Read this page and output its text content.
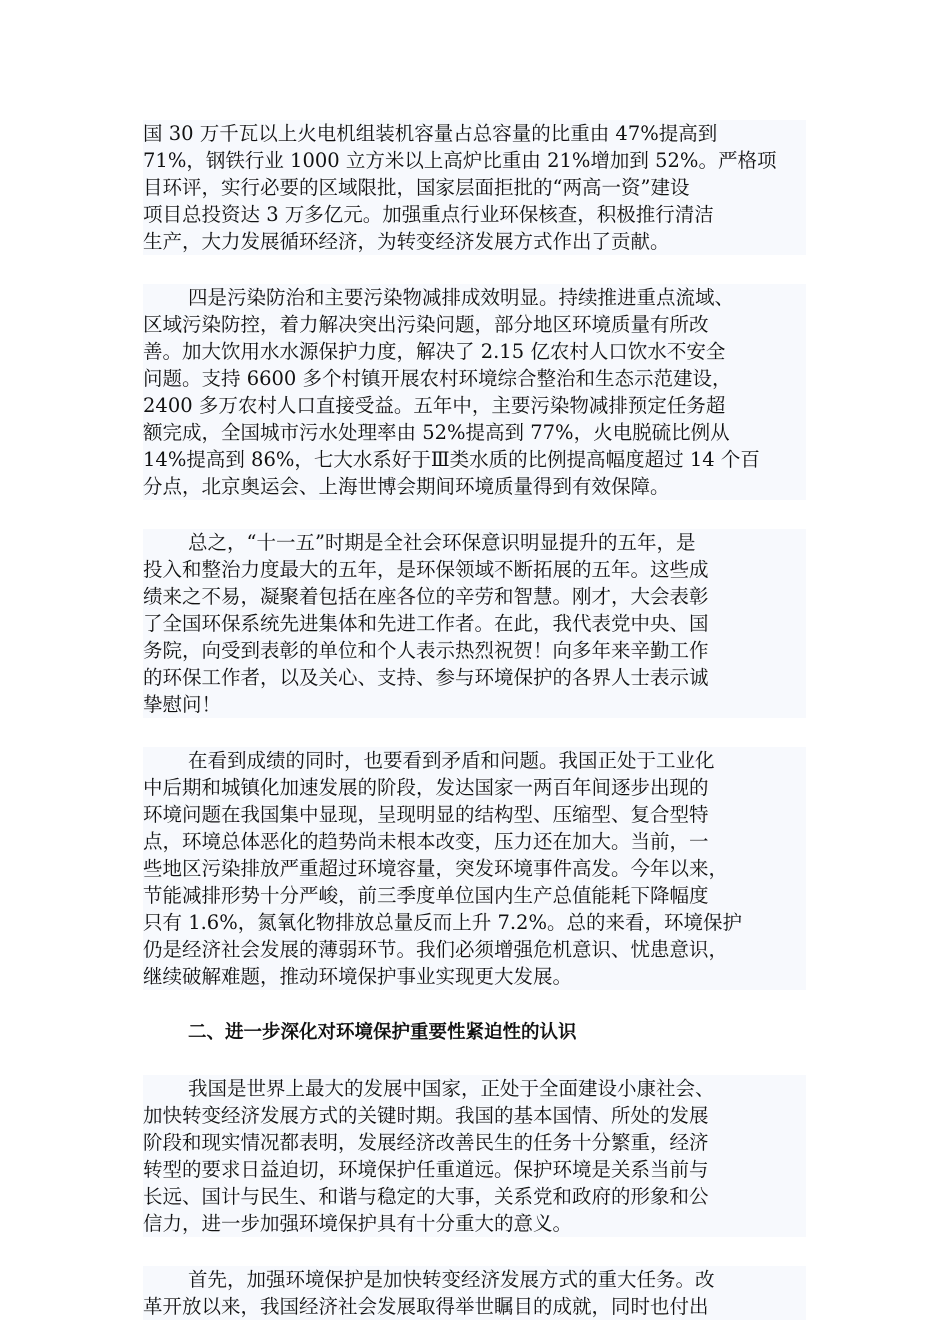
国 30 万千瓦以上火电机组装机容量占总容量的比重由 47%提高到
71%，钢铁行业 1000 立方米以上高炉比重由 21%增加到 52%。严格项
目环评，实行必要的区域限批，国家层面拒批的“两高一资”建设
项目总投资达 3 万多亿元。加强重点行业环保核查，积极推行清洁
生产，大力发展循环经济，为转变经济发展方式作出了贡献。
四是污染防治和主要污染物减排成效明显。持续推进重点流域、
区域污染防控，着力解决突出污染问题，部分地区环境质量有所改
善。加大饮用水水源保护力度，解决了 2.15 亿农村人口饮水不安全
问题。支持 6600 多个村镇开展农村环境综合整治和生态示范建设，
2400 多万农村人口直接受益。五年中，主要污染物减排预定任务超
额完成，全国城市污水处理率由 52%提高到 77%，火电脱硫比例从
14%提高到 86%，七大水系好于Ⅲ类水质的比例提高幅度超过 14 个百
分点，北京奥运会、上海世博会期间环境质量得到有效保障。
总之，“十一五”时期是全社会环保意识明显提升的五年，是
投入和整治力度最大的五年，是环保领域不断拓展的五年。这些成
绩来之不易，凝聚着包括在座各位的辛劳和智慧。刚才，大会表彰
了全国环保系统先进集体和先进工作者。在此，我代表党中央、国
务院，向受到表彰的单位和个人表示热烈祝贺！向多年来辛勤工作
的环保工作者，以及关心、支持、参与环境保护的各界人士表示诚
挚慰问！
在看到成绩的同时，也要看到矛盾和问题。我国正处于工业化
中后期和城镇化加速发展的阶段，发达国家一两百年间逐步出现的
环境问题在我国集中显现，呈现明显的结构型、压缩型、复合型特
点，环境总体恶化的趋势尚未根本改变，压力还在加大。当前，一
些地区污染排放严重超过环境容量，突发环境事件高发。今年以来，
节能减排形势十分严峻，前三季度单位国内生产总值能耗下降幅度
只有 1.6%，氮氧化物排放总量反而上升 7.2%。总的来看，环境保护
仍是经济社会发展的薄弱环节。我们必须增强危机意识、忧患意识，
继续破解难题，推动环境保护事业实现更大发展。
二、进一步深化对环境保护重要性紧迫性的认识
我国是世界上最大的发展中国家，正处于全面建设小康社会、
加快转变经济发展方式的关键时期。我国的基本国情、所处的发展
阶段和现实情况都表明，发展经济改善民生的任务十分繁重，经济
转型的要求日益迫切，环境保护任重道远。保护环境是关系当前与
长远、国计与民生、和谐与稳定的大事，关系党和政府的形象和公
信力，进一步加强环境保护具有十分重大的意义。
首先，加强环境保护是加快转变经济发展方式的重大任务。改
革开放以来，我国经济社会发展取得举世瞩目的成就，同时也付出
